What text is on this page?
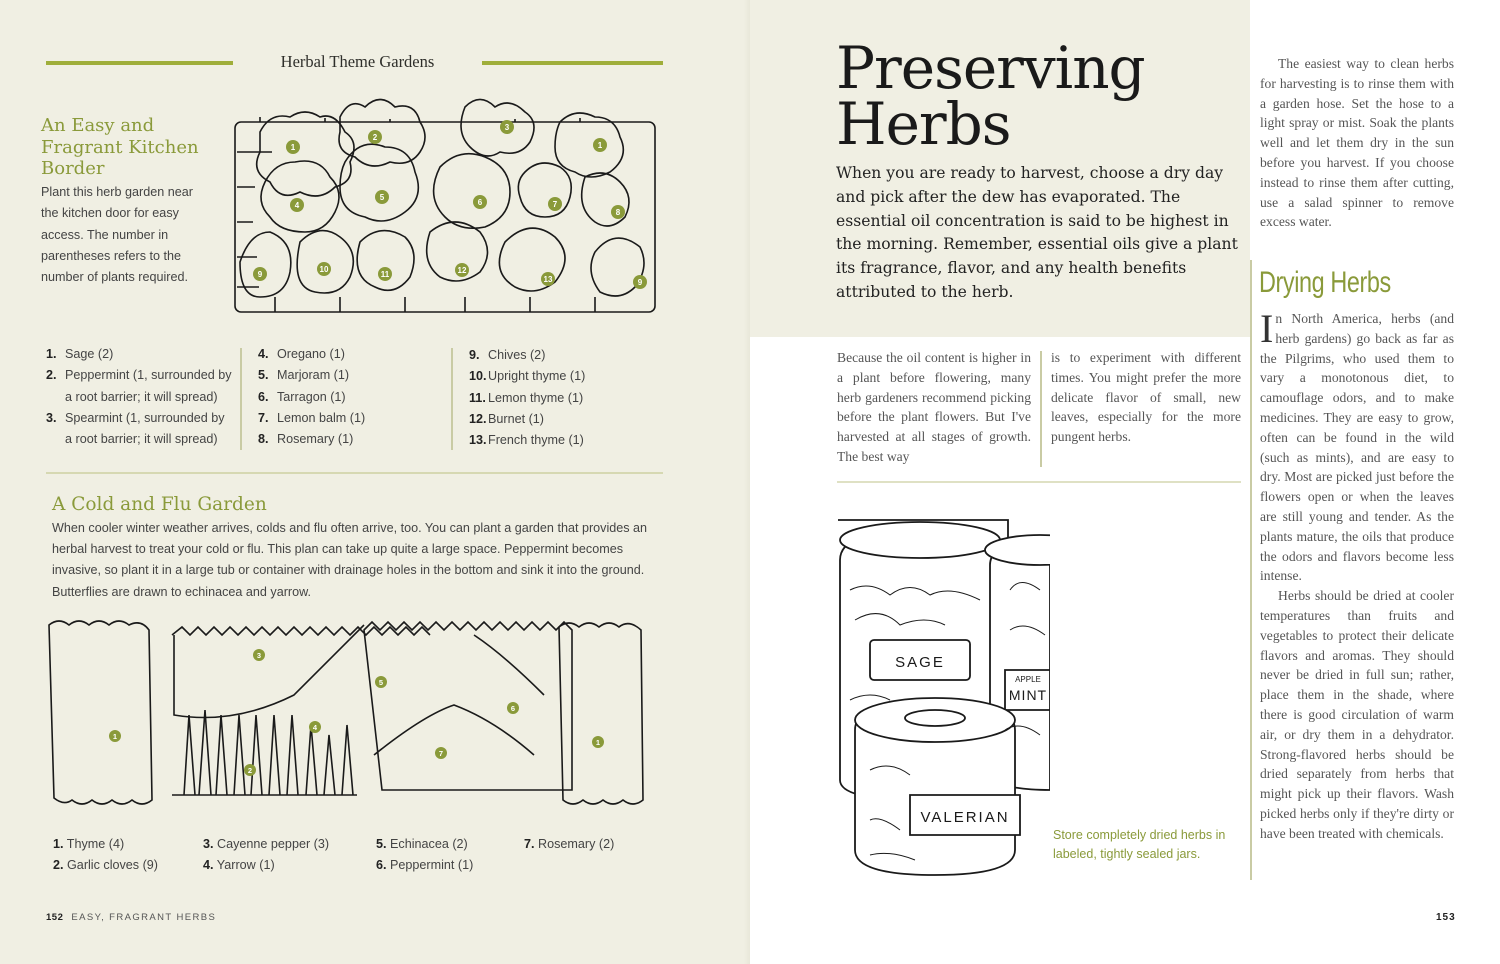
Herbal Theme Gardens
An Easy and Fragrant Kitchen Border
Plant this herb garden near the kitchen door for easy access. The number in parentheses refers to the number of plants required.
1
2
3
1
4
5
6	7
8
9
10
11	12
13	9
1. Sage (2)
2. Peppermint (1, surrounded by a root barrier; it will spread)
3. Spearmint (1, surrounded by a root barrier; it will spread)
4. Oregano (1)
5. Marjoram (1)
6. Tarragon (1)
7. Lemon balm (1)
8. Rosemary (1)
9. Chives (2)
10. Upright thyme (1)
11. Lemon thyme (1)
12. Burnet (1)
13. French thyme (1)
A Cold and Flu Garden
When cooler winter weather arrives, colds and flu often arrive, too. You can plant a garden that provides an herbal harvest to treat your cold or flu. This plan can take up quite a large space. Peppermint becomes invasive, so plant it in a large tub or container with drainage holes in the bottom and sink it into the ground. Butterflies are drawn to echinacea and yarrow.
1
3
4
2
5
6
7
1
1. Thyme (4)
2. Garlic cloves (9)
3. Cayenne pepper (3)
4. Yarrow (1)
5. Echinacea (2)
6. Peppermint (1)
7. Rosemary (2)
152 EASY, FRAGRANT HERBS
Preserving
Herbs
When you are ready to harvest, choose a dry day and pick after the dew has evaporated. The essential oil concentration is said to be highest in the morning. Remember, essential oils give a plant its fragrance, flavor, and any health benefits attributed to the herb.
Because the oil content is higher in a plant before flowering, many herb gardeners recommend picking before the plant flowers. But I've harvested at all stages of growth. The best way
is to experiment with different times. You might prefer the more delicate flavor of small, new leaves, especially for the more pungent herbs.
SAGE
APPLE
MINT
VALERIAN
Store completely dried herbs in labeled, tightly sealed jars.
The easiest way to clean herbs for harvesting is to rinse them with a garden hose. Set the hose to a light spray or mist. Soak the plants well and let them dry in the sun before you harvest. If you choose instead to rinse them after cutting, use a salad spinner to remove excess water.
Drying Herbs

In North America, herbs (and herb gardens) go back as far as the Pilgrims, who used them to vary a monotonous diet, to camouflage odors, and to make medicines. They are easy to grow, often can be found in the wild (such as mints), and are easy to dry. Most are picked just before the flowers open or when the leaves are still young and tender. As the plants mature, the oils that produce the odors and flavors become less intense.

Herbs should be dried at cooler temperatures than fruits and vegetables to protect their delicate flavors and aromas. They should never be dried in full sun; rather, place them in the shade, where there is good circulation of warm air, or dry them in a dehydrator. Strong-flavored herbs should be dried separately from herbs that might pick up their flavors. Wash picked herbs only if they're dirty or have been treated with chemicals.

153
